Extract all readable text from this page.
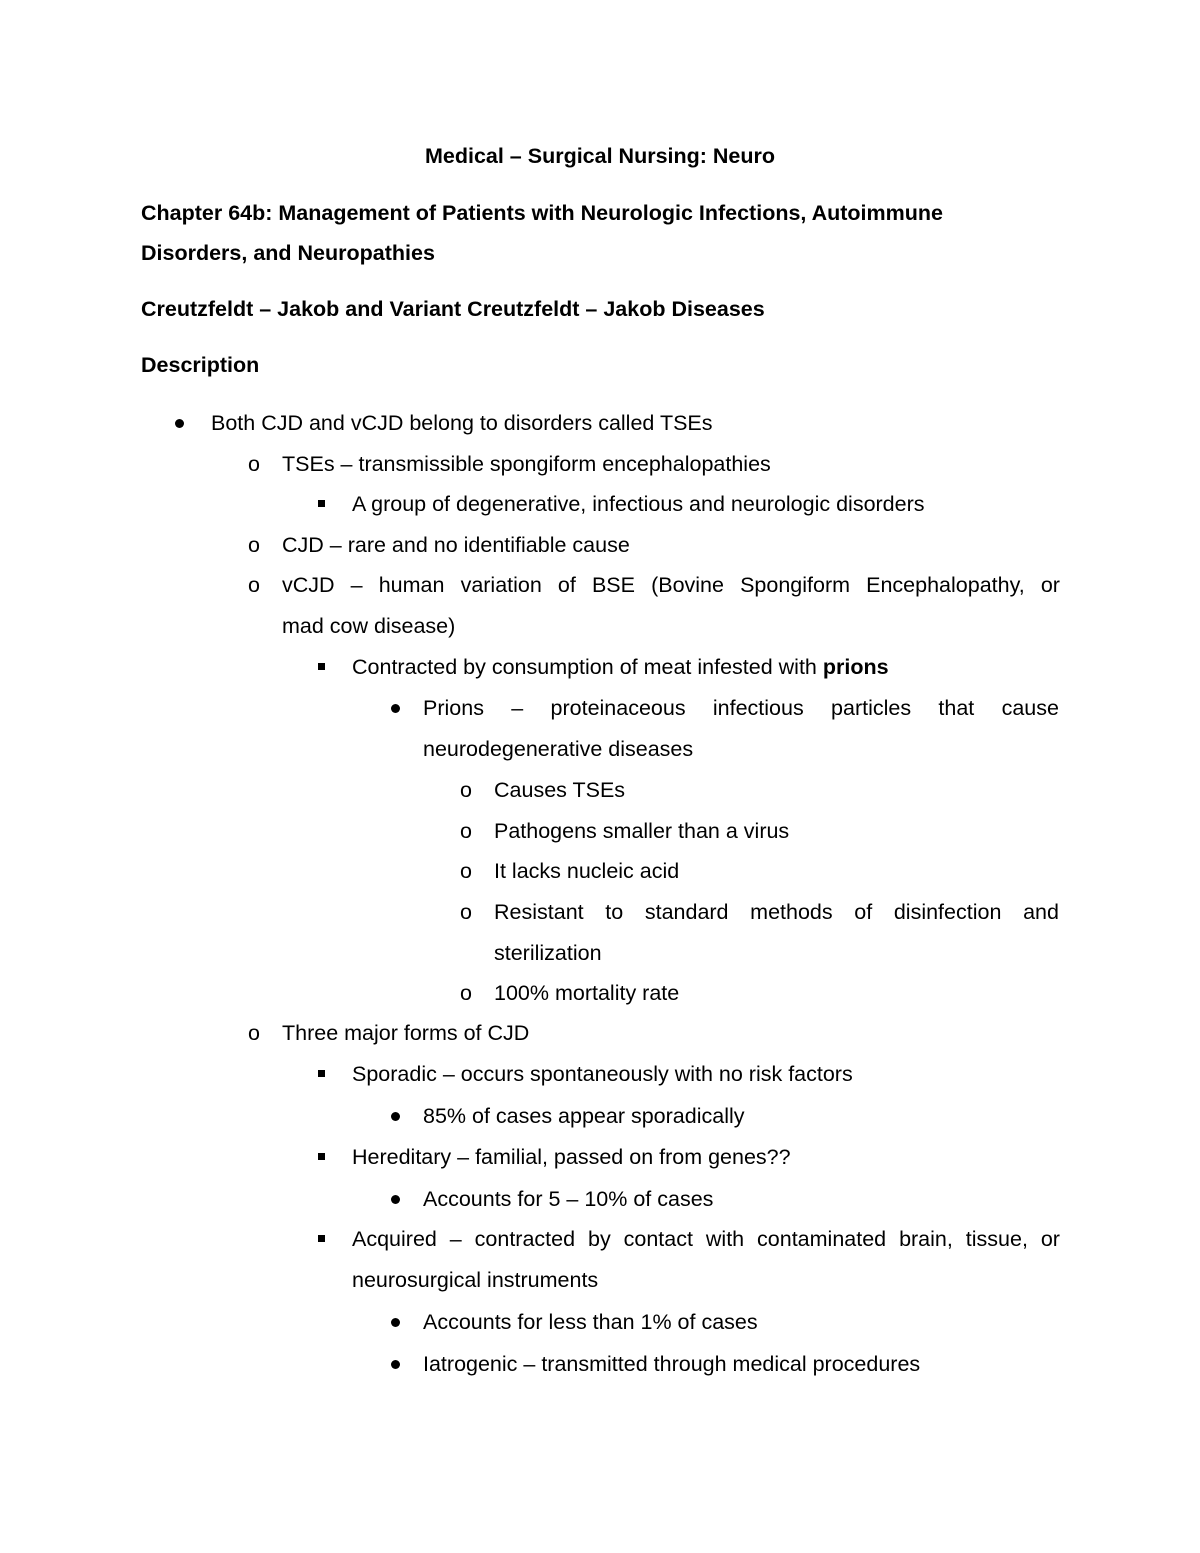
Medical – Surgical Nursing: Neuro
Chapter 64b: Management of Patients with Neurologic Infections, Autoimmune
Disorders, and Neuropathies
Creutzfeldt – Jakob and Variant Creutzfeldt – Jakob Diseases
Description
Both CJD and vCJD belong to disorders called TSEs
o TSEs – transmissible spongiform encephalopathies
A group of degenerative, infectious and neurologic disorders
o CJD – rare and no identifiable cause
o vCJD – human variation of BSE (Bovine Spongiform Encephalopathy, or
mad cow disease)
Contracted by consumption of meat infested with prions
Prions – proteinaceous infectious particles that cause
neurodegenerative diseases
o Causes TSEs
o Pathogens smaller than a virus
o It lacks nucleic acid
o Resistant to standard methods of disinfection and
sterilization
o 100% mortality rate
o Three major forms of CJD
Sporadic – occurs spontaneously with no risk factors
85% of cases appear sporadically
Hereditary – familial, passed on from genes??
Accounts for 5 – 10% of cases
Acquired – contracted by contact with contaminated brain, tissue, or
neurosurgical instruments
Accounts for less than 1% of cases
Iatrogenic – transmitted through medical procedures
